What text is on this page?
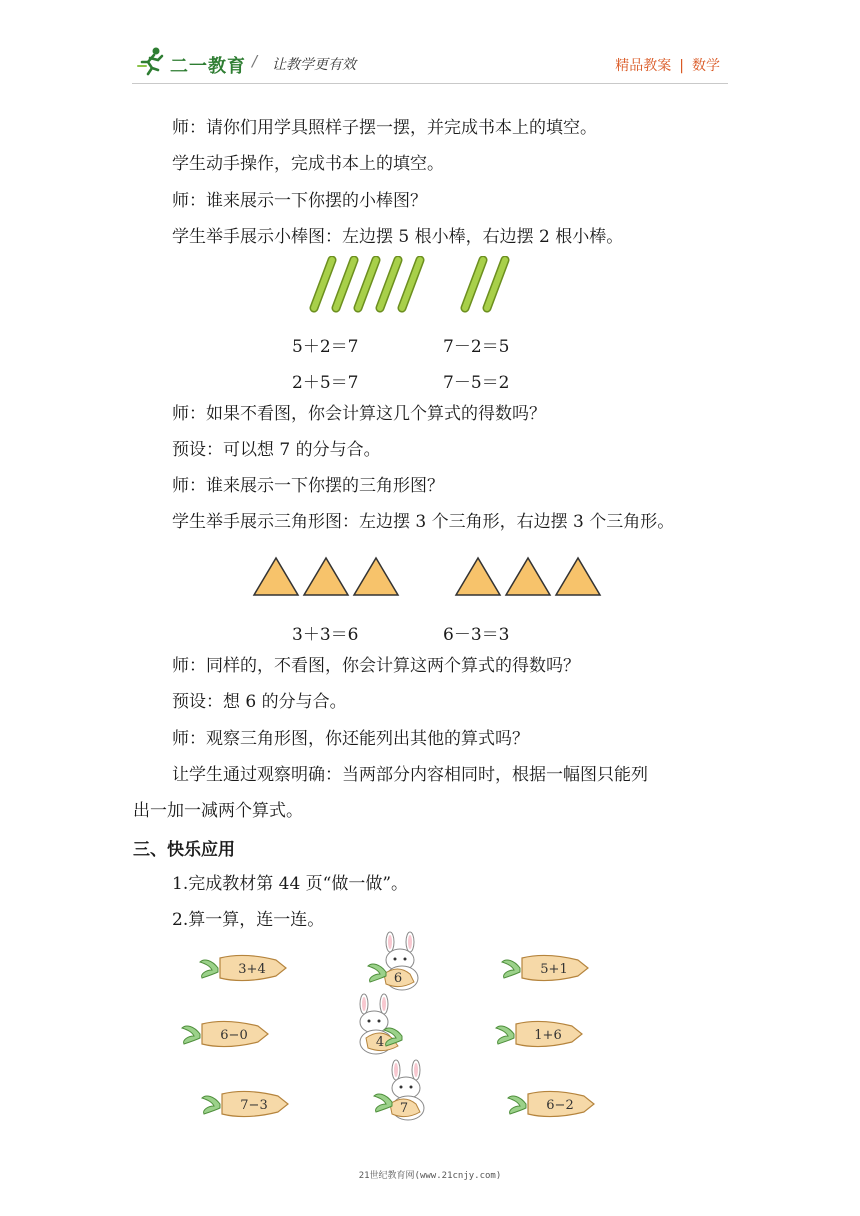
二一教育 / 让教学更有效	精品教案 | 数学
师：请你们用学具照样子摆一摆，并完成书本上的填空。
学生动手操作，完成书本上的填空。
师：谁来展示一下你摆的小棒图？
学生举手展示小棒图：左边摆 5 根小棒，右边摆 2 根小棒。
5＋2＝7	7－2＝5
2＋5＝7	7－5＝2
师：如果不看图，你会计算这几个算式的得数吗？
预设：可以想 7 的分与合。
师：谁来展示一下你摆的三角形图？
学生举手展示三角形图：左边摆 3 个三角形，右边摆 3 个三角形。
3＋3＝6	6－3＝3
师：同样的，不看图，你会计算这两个算式的得数吗？
预设：想 6 的分与合。
师：观察三角形图，你还能列出其他的算式吗？
让学生通过观察明确：当两部分内容相同时，根据一幅图只能列
出一加一减两个算式。
三、快乐应用
1.完成教材第 44 页“做一做”。
2.算一算，连一连。
3+4
6−0
7−3
5+1
1+6
6−2
6
4
7
21世纪教育网(www.21cnjy.com)
